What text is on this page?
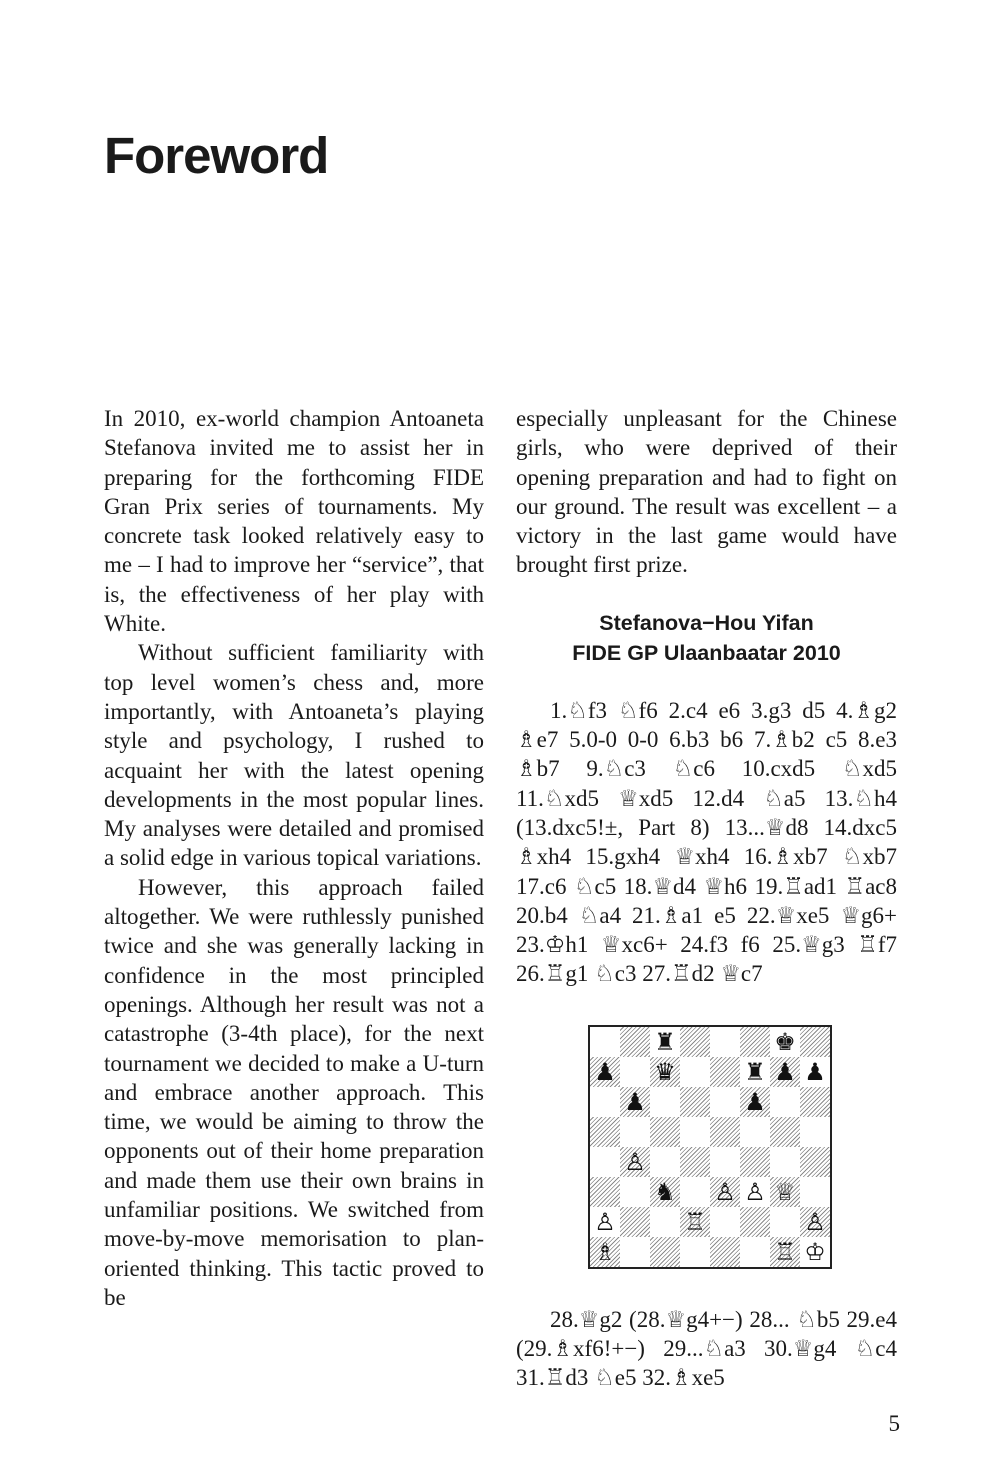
Foreword

In 2010, ex-world champion Antoaneta Stefanova invited me to assist her in preparing for the forthcoming FIDE Gran Prix series of tournaments. My concrete task looked relatively easy to me – I had to improve her “service”, that is, the effectiveness of her play with White.

Without sufficient familiarity with top level women’s chess and, more importantly, with Antoaneta’s playing style and psychology, I rushed to acquaint her with the latest opening developments in the most popular lines. My analyses were detailed and promised a solid edge in various topical variations.

However, this approach failed altogether. We were ruthlessly punished twice and she was generally lacking in confidence in the most principled openings. Although her result was not a catastrophe (3-4th place), for the next tournament we decided to make a U-turn and embrace another approach. This time, we would be aiming to throw the opponents out of their home preparation and made them use their own brains in unfamiliar positions. We switched from move-by-move memorisation to plan-oriented thinking. This tactic proved to be

especially unpleasant for the Chinese girls, who were deprived of their opening preparation and had to fight on our ground. The result was excellent – a victory in the last game would have brought first prize.

Stefanova−Hou Yifan
FIDE GP Ulaanbaatar 2010

1.♘f3 ♘f6 2.c4 e6 3.g3 d5 4.♗g2 ♗e7 5.0-0 0-0 6.b3 b6 7.♗b2 c5 8.e3 ♗b7 9.♘c3 ♘c6 10.cxd5 ♘xd5 11.♘xd5 ♕xd5 12.d4 ♘a5 13.♘h4 (13.dxc5!±, Part 8) 13...♕d8 14.dxc5 ♗xh4 15.gxh4 ♕xh4 16.♗xb7 ♘xb7 17.c6 ♘c5 18.♕d4 ♕h6 19.♖ad1 ♖ac8 20.b4 ♘a4 21.♗a1 e5 22.♕xe5 ♕g6+ 23.♔h1 ♕xc6+ 24.f3 f6 25.♕g3 ♖f7 26.♖g1 ♘c3 27.♖d2 ♕c7

♜	♚
♟ ♛	♜ ♟ ♟
♟	♟
♙
♞ ♙ ♙ ♕
♙	♖	♙
♗	♖ ♔

28.♕g2 (28.♕g4+−) 28... ♘b5 29.e4 (29.♗xf6!+−) 29...♘a3 30.♕g4 ♘c4 31.♖d3 ♘e5 32.♗xe5

5
